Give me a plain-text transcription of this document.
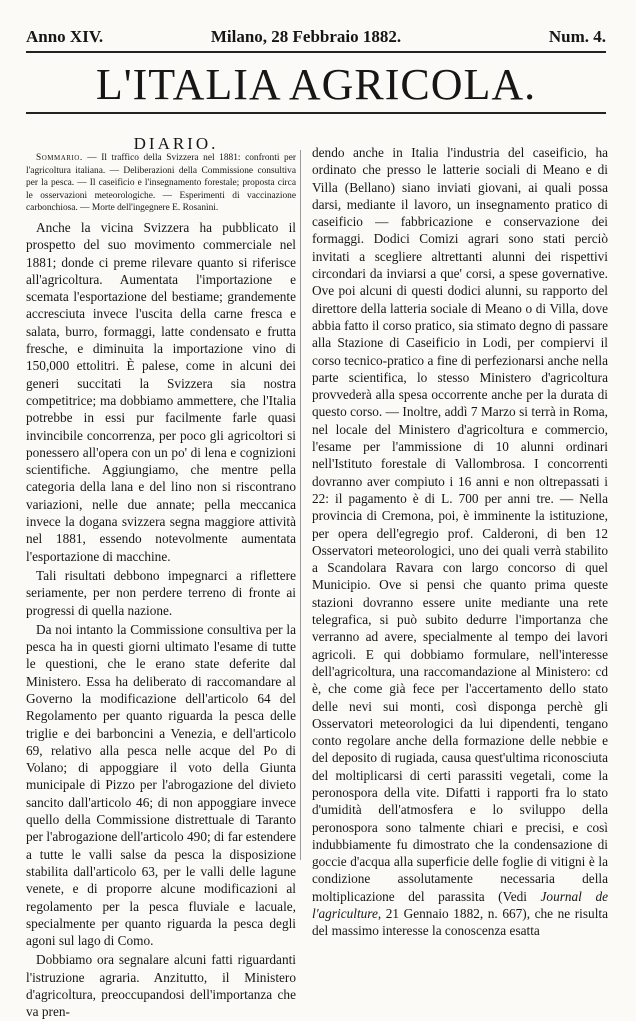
Anno XIV.	Milano, 28 Febbraio 1882.	Num. 4.
L'ITALIA AGRICOLA.
DIARIO.

Sommario. — Il traffico della Svizzera nel 1881: confronti per l'agricoltura italiana. — Deliberazioni della Commissione consultiva per la pesca. — Il caseificio e l'insegnamento forestale; proposta circa le osservazioni meteorologiche. — Esperimenti di vaccinazione carbonchiosa. — Morte dell'ingegnere E. Rosanìni.

Anche la vicina Svizzera ha pubblicato il prospetto del suo movimento commerciale nel 1881; donde ci preme rilevare quanto si riferisce all'agricoltura. Aumentata l'importazione e scemata l'esportazione del bestiame; grandemente accresciuta invece l'uscita della carne fresca e salata, burro, formaggi, latte condensato e frutta fresche, e diminuita la importazione vino di 150,000 ettolitri. È palese, come in alcuni dei generi succitati la Svizzera sia nostra competitrice; ma dobbiamo ammettere, che l'Italia potrebbe in essi pur facilmente farle quasi invincibile concorrenza, per poco gli agricoltori si ponessero all'opera con un po' di lena e cognizioni scientifiche. Aggiungiamo, che mentre pella categoria della lana e del lino non si riscontrano variazioni, nelle due annate; pella meccanica invece la dogana svizzera segna maggiore attività nel 1881, essendo notevolmente aumentata l'esportazione di macchine.

Tali risultati debbono impegnarci a riflettere seriamente, per non perdere terreno di fronte ai progressi di quella nazione.

Da noi intanto la Commissione consultiva per la pesca ha in questi giorni ultimato l'esame di tutte le questioni, che le erano state deferite dal Ministero. Essa ha deliberato di raccomandare al Governo la modificazione dell'articolo 64 del Regolamento per quanto riguarda la pesca delle triglie e dei barboncini a Venezia, e dell'articolo 69, relativo alla pesca nelle acque del Po di Volano; di appoggiare il voto della Giunta municipale di Pizzo per l'abrogazione del divieto sancito dall'articolo 46; di non appoggiare invece quello della Commissione distrettuale di Taranto per l'abrogazione dell'articolo 490; di far estendere a tutte le valli salse da pesca la disposizione stabilita dall'articolo 63, per le valli delle lagune venete, e di proporre alcune modificazioni al regolamento per la pesca fluviale e lacuale, specialmente per quanto riguarda la pesca degli agoni sul lago di Como.

Dobbiamo ora segnalare alcuni fatti riguardanti l'istruzione agraria. Anzitutto, il Ministero d'agricoltura, preoccupandosi dell'importanza che va pren-

dendo anche in Italia l'industria del caseificio, ha ordinato che presso le latterie sociali di Meano e di Villa (Bellano) siano inviati giovani, ai quali possa darsi, mediante il lavoro, un insegnamento pratico di caseificio — fabbricazione e conservazione dei formaggi. Dodici Comizi agrari sono stati perciò invitati a scegliere altrettanti alunni dei rispettivi circondari da inviarsi a que' corsi, a spese governative. Ove poi alcuni di questi dodici alunni, su rapporto del direttore della latteria sociale di Meano o di Villa, dove abbia fatto il corso pratico, sia stimato degno di passare alla Stazione di Caseificio in Lodi, per compiervi il corso tecnico-pratico a fine di perfezionarsi anche nella parte scientifica, lo stesso Ministero d'agricoltura provvederà alla spesa occorrente anche per la durata di questo corso. — Inoltre, addì 7 Marzo si terrà in Roma, nel locale del Ministero d'agricoltura e commercio, l'esame per l'ammissione di 10 alunni ordinari nell'Istituto forestale di Vallombrosa. I concorrenti dovranno aver compiuto i 16 anni e non oltrepassati i 22: il pagamento è di L. 700 per anni tre. — Nella provincia di Cremona, poi, è imminente la istituzione, per opera dell'egregio prof. Calderoni, di ben 12 Osservatori meteorologici, uno dei quali verrà stabilito a Scandolara Ravara con largo concorso di quel Municipio. Ove si pensi che quanto prima queste stazioni dovranno essere unite mediante una rete telegrafica, si può subito dedurre l'importanza che verranno ad avere, specialmente al tempo dei lavori agricoli. E qui dobbiamo formulare, nell'interesse dell'agricoltura, una raccomandazione al Ministero: cd è, che come già fece per l'accertamento dello stato delle nevi sui monti, così disponga perchè gli Osservatori meteorologici da lui dipendenti, tengano conto regolare anche della formazione delle nebbie e del deposito di rugiada, causa quest'ultima riconosciuta del moltiplicarsi di certi parassiti vegetali, come la peronospora della vite. Difatti i rapporti fra lo stato d'umidità dell'atmosfera e lo sviluppo della peronospora sono talmente chiari e precisi, e così indubbiamente fu dimostrato che la condensazione di goccie d'acqua alla superficie delle foglie di vitigni è la condizione assolutamente necessaria della moltiplicazione del parassita (Vedi Journal de l'agriculture, 21 Gennaio 1882, n. 667), che ne risulta del massimo interesse la conoscenza esatta
